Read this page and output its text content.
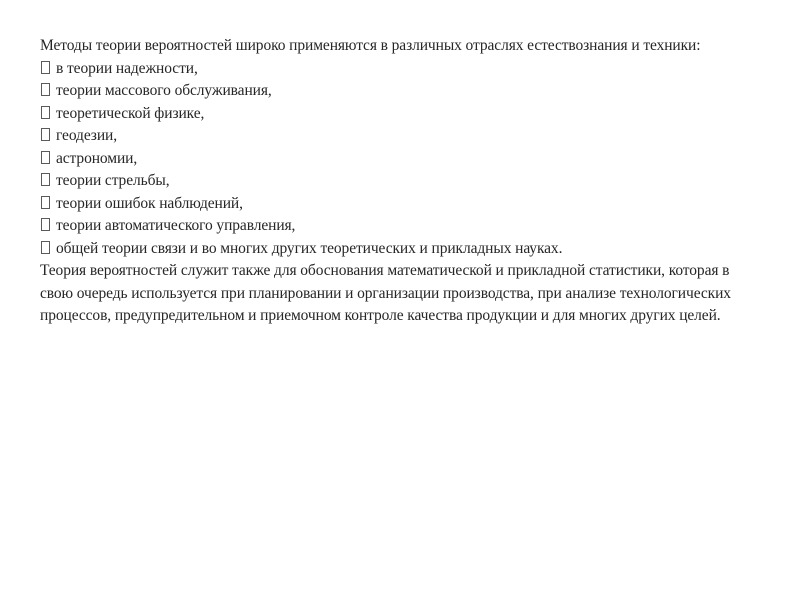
Методы теории вероятностей широко применяются в различных отраслях естествознания и техники:

в теории надежности,
теории массового обслуживания,
теоретической физике,
геодезии,
астрономии,
теории стрельбы,
теории ошибок наблюдений,
теории автоматического управления,
общей теории связи и во многих других теоретических и прикладных науках.

Теория вероятностей служит также для обоснования математической и прикладной статистики, которая в свою очередь используется при планировании и организации производства, при анализе технологических процессов, предупредительном и приемочном контроле качества продукции и для многих других целей.
